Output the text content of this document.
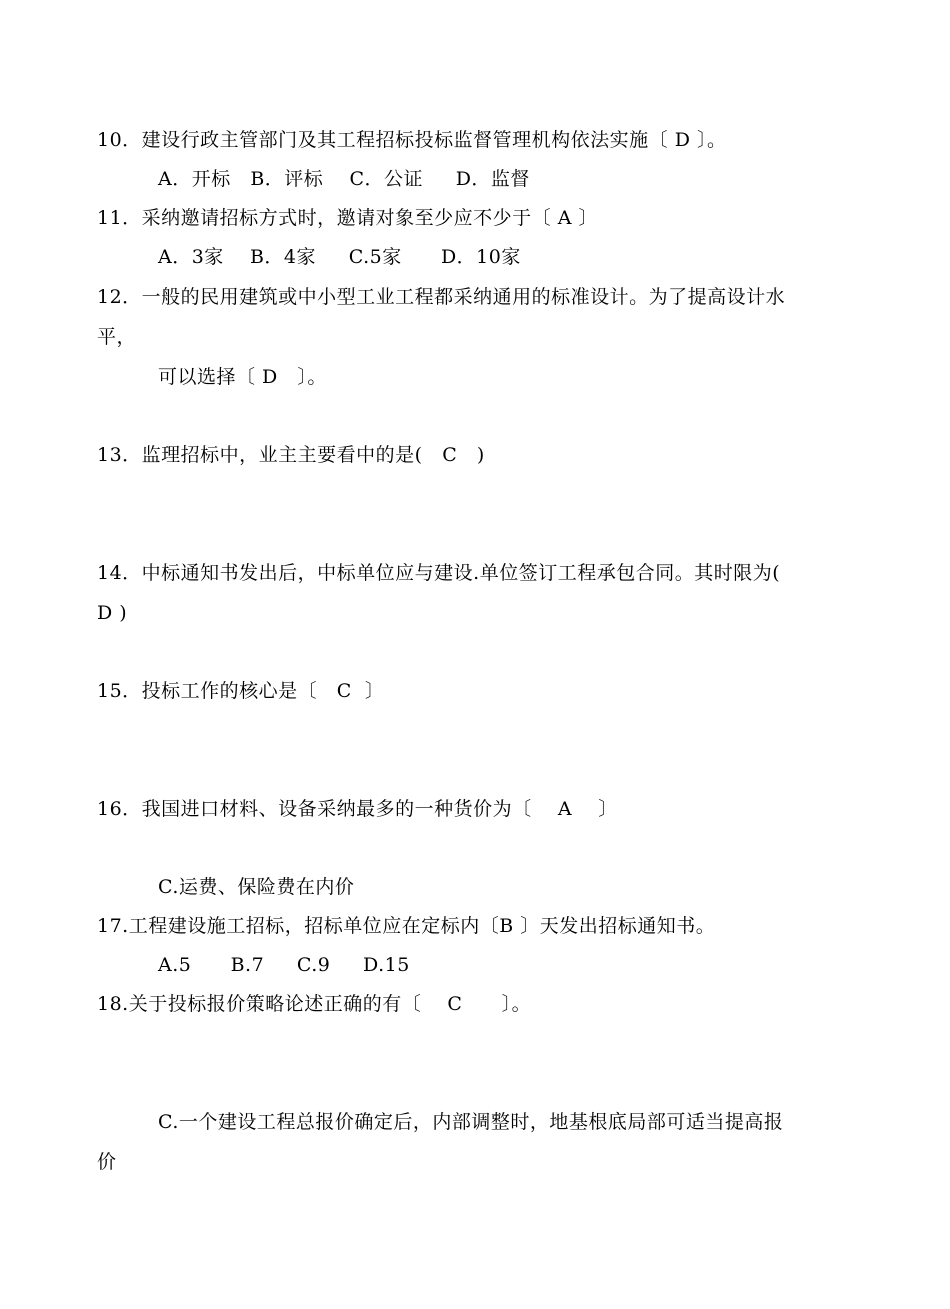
10．建设行政主管部门及其工程招标投标监督管理机构依法实施〔 D 〕。
A．开标   B．评标    C．公证     D．监督
11．采纳邀请招标方式时，邀请对象至少应不少于〔 A 〕
A．3家    B．4家     C.5家      D．10家
12．一般的民用建筑或中小型工业工程都采纳通用的标准设计。为了提高设计水
平，
可以选择〔 D   〕。
13．监理招标中，业主主要看中的是(   C   )
14．中标通知书发出后，中标单位应与建设.单位签订工程承包合同。其时限为(
D )
15．投标工作的核心是〔   C  〕
16．我国进口材料、设备采纳最多的一种货价为〔    A    〕
C.运费、保险费在内价
17.工程建设施工招标，招标单位应在定标内〔B 〕天发出招标通知书。
A.5      B.7     C.9     D.15
18.关于投标报价策略论述正确的有〔    C      〕。
C.一个建设工程总报价确定后，内部调整时，地基根底局部可适当提高报
价
